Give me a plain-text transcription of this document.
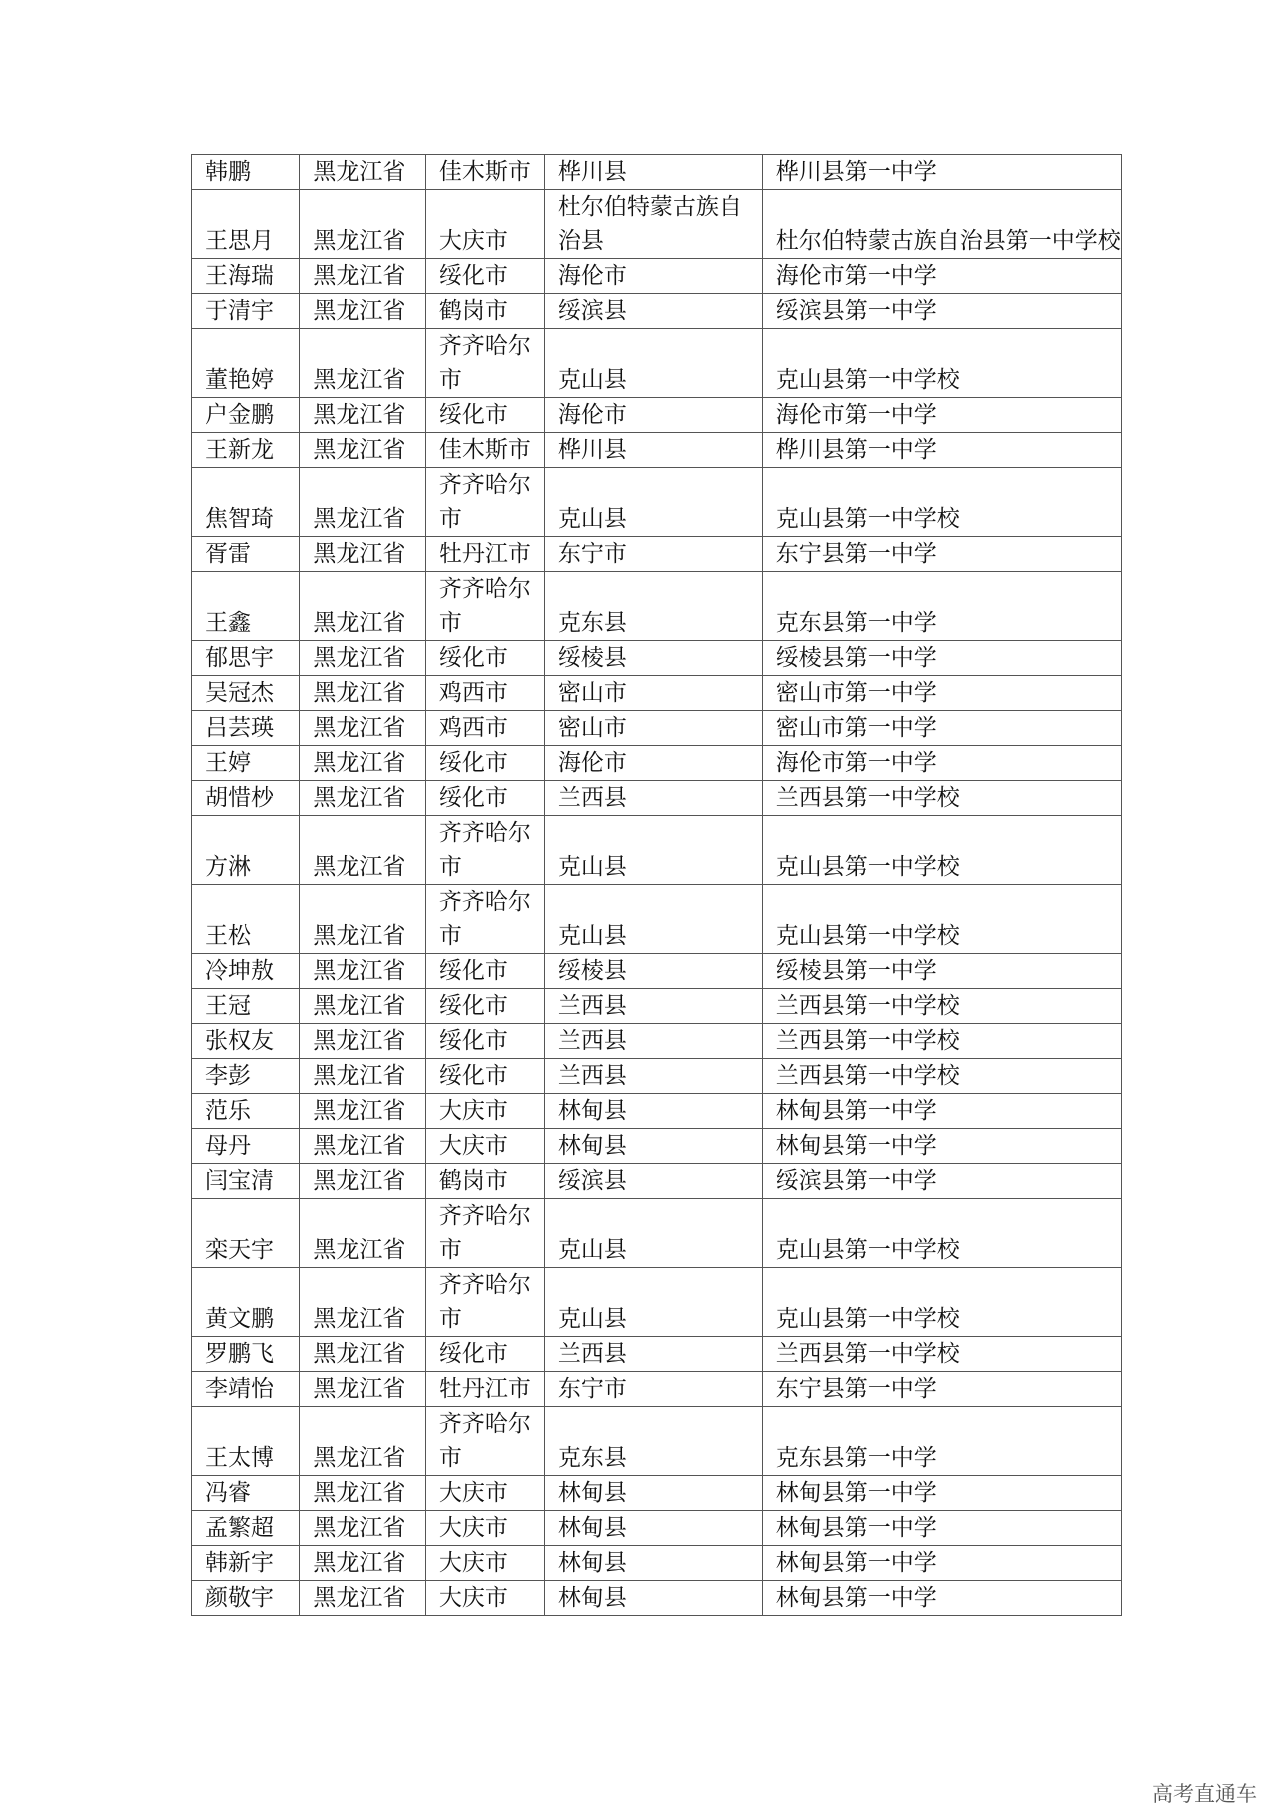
韩鹏	黑龙江省	佳木斯市	桦川县	桦川县第一中学
王思月	黑龙江省	大庆市	杜尔伯特蒙古族自治县	杜尔伯特蒙古族自治县第一中学校
王海瑞	黑龙江省	绥化市	海伦市	海伦市第一中学
于清宇	黑龙江省	鹤岗市	绥滨县	绥滨县第一中学
董艳婷	黑龙江省	齐齐哈尔市	克山县	克山县第一中学校
户金鹏	黑龙江省	绥化市	海伦市	海伦市第一中学
王新龙	黑龙江省	佳木斯市	桦川县	桦川县第一中学
焦智琦	黑龙江省	齐齐哈尔市	克山县	克山县第一中学校
胥雷	黑龙江省	牡丹江市	东宁市	东宁县第一中学
王鑫	黑龙江省	齐齐哈尔市	克东县	克东县第一中学
郁思宇	黑龙江省	绥化市	绥棱县	绥棱县第一中学
吴冠杰	黑龙江省	鸡西市	密山市	密山市第一中学
吕芸瑛	黑龙江省	鸡西市	密山市	密山市第一中学
王婷	黑龙江省	绥化市	海伦市	海伦市第一中学
胡惜杪	黑龙江省	绥化市	兰西县	兰西县第一中学校
方淋	黑龙江省	齐齐哈尔市	克山县	克山县第一中学校
王松	黑龙江省	齐齐哈尔市	克山县	克山县第一中学校
冷坤敖	黑龙江省	绥化市	绥棱县	绥棱县第一中学
王冠	黑龙江省	绥化市	兰西县	兰西县第一中学校
张权友	黑龙江省	绥化市	兰西县	兰西县第一中学校
李彭	黑龙江省	绥化市	兰西县	兰西县第一中学校
范乐	黑龙江省	大庆市	林甸县	林甸县第一中学
母丹	黑龙江省	大庆市	林甸县	林甸县第一中学
闫宝清	黑龙江省	鹤岗市	绥滨县	绥滨县第一中学
栾天宇	黑龙江省	齐齐哈尔市	克山县	克山县第一中学校
黄文鹏	黑龙江省	齐齐哈尔市	克山县	克山县第一中学校
罗鹏飞	黑龙江省	绥化市	兰西县	兰西县第一中学校
李靖怡	黑龙江省	牡丹江市	东宁市	东宁县第一中学
王太博	黑龙江省	齐齐哈尔市	克东县	克东县第一中学
冯睿	黑龙江省	大庆市	林甸县	林甸县第一中学
孟繁超	黑龙江省	大庆市	林甸县	林甸县第一中学
韩新宇	黑龙江省	大庆市	林甸县	林甸县第一中学
颜敬宇	黑龙江省	大庆市	林甸县	林甸县第一中学
高考直通车
